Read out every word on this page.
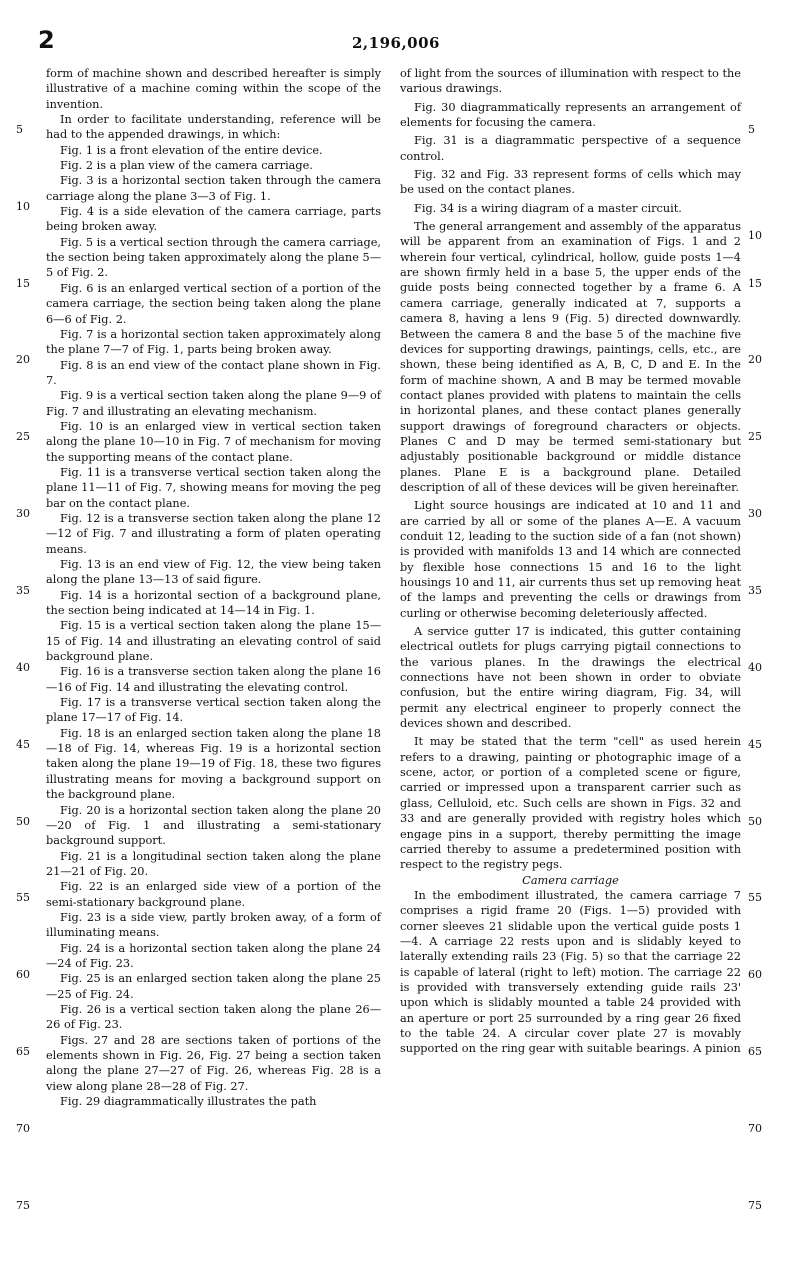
2	2,196,006

form of machine shown and described hereafter is simply illustrative of a machine coming within the scope of the invention.

In order to facilitate understanding, reference will be had to the appended drawings, in which:

Fig. 1 is a front elevation of the entire device.

Fig. 2 is a plan view of the camera carriage.

Fig. 3 is a horizontal section taken through the camera carriage along the plane 3—3 of Fig. 1.

Fig. 4 is a side elevation of the camera carriage, parts being broken away.

Fig. 5 is a vertical section through the camera carriage, the section being taken approximately along the plane 5—5 of Fig. 2.

Fig. 6 is an enlarged vertical section of a portion of the camera carriage, the section being taken along the plane 6—6 of Fig. 2.

Fig. 7 is a horizontal section taken approximately along the plane 7—7 of Fig. 1, parts being broken away.

Fig. 8 is an end view of the contact plane shown in Fig. 7.

Fig. 9 is a vertical section taken along the plane 9—9 of Fig. 7 and illustrating an elevating mechanism.

Fig. 10 is an enlarged view in vertical section taken along the plane 10—10 in Fig. 7 of mechanism for moving the supporting means of the contact plane.

Fig. 11 is a transverse vertical section taken along the plane 11—11 of Fig. 7, showing means for moving the peg bar on the contact plane.

Fig. 12 is a transverse section taken along the plane 12—12 of Fig. 7 and illustrating a form of platen operating means.

Fig. 13 is an end view of Fig. 12, the view being taken along the plane 13—13 of said figure.

Fig. 14 is a horizontal section of a background plane, the section being indicated at 14—14 in Fig. 1.

Fig. 15 is a vertical section taken along the plane 15—15 of Fig. 14 and illustrating an elevating control of said background plane.

Fig. 16 is a transverse section taken along the plane 16—16 of Fig. 14 and illustrating the elevating control.

Fig. 17 is a transverse vertical section taken along the plane 17—17 of Fig. 14.

Fig. 18 is an enlarged section taken along the plane 18—18 of Fig. 14, whereas Fig. 19 is a horizontal section taken along the plane 19—19 of Fig. 18, these two figures illustrating means for moving a background support on the background plane.

Fig. 20 is a horizontal section taken along the plane 20—20 of Fig. 1 and illustrating a semi-stationary background support.

Fig. 21 is a longitudinal section taken along the plane 21—21 of Fig. 20.

Fig. 22 is an enlarged side view of a portion of the semi-stationary background plane.

Fig. 23 is a side view, partly broken away, of a form of illuminating means.

Fig. 24 is a horizontal section taken along the plane 24—24 of Fig. 23.

Fig. 25 is an enlarged section taken along the plane 25—25 of Fig. 24.

Fig. 26 is a vertical section taken along the plane 26—26 of Fig. 23.

Figs. 27 and 28 are sections taken of portions of the elements shown in Fig. 26, Fig. 27 being a section taken along the plane 27—27 of Fig. 26, whereas Fig. 28 is a view along plane 28—28 of Fig. 27.

Fig. 29 diagrammatically illustrates the path

of light from the sources of illumination with respect to the various drawings.

Fig. 30 diagrammatically represents an arrangement of elements for focusing the camera.

Fig. 31 is a diagrammatic perspective of a sequence control.

Fig. 32 and Fig. 33 represent forms of cells which may be used on the contact planes.

Fig. 34 is a wiring diagram of a master circuit.

The general arrangement and assembly of the apparatus will be apparent from an examination of Figs. 1 and 2 wherein four vertical, cylindrical, hollow, guide posts 1—4 are shown firmly held in a base 5, the upper ends of the guide posts being connected together by a frame 6. A camera carriage, generally indicated at 7, supports a camera 8, having a lens 9 (Fig. 5) directed downwardly. Between the camera 8 and the base 5 of the machine five devices for supporting drawings, paintings, cells, etc., are shown, these being identified as A, B, C, D and E. In the form of machine shown, A and B may be termed movable contact planes provided with platens to maintain the cells in horizontal planes, and these contact planes generally support drawings of foreground characters or objects. Planes C and D may be termed semi-stationary but adjustably positionable background or middle distance planes. Plane E is a background plane. Detailed description of all of these devices will be given hereinafter.

Light source housings are indicated at 10 and 11 and are carried by all or some of the planes A—E. A vacuum conduit 12, leading to the suction side of a fan (not shown) is provided with manifolds 13 and 14 which are connected by flexible hose connections 15 and 16 to the light housings 10 and 11, air currents thus set up removing heat of the lamps and preventing the cells or drawings from curling or otherwise becoming deleteriously affected.

A service gutter 17 is indicated, this gutter containing electrical outlets for plugs carrying pigtail connections to the various planes. In the drawings the electrical connections have not been shown in order to obviate confusion, but the entire wiring diagram, Fig. 34, will permit any electrical engineer to properly connect the devices shown and described.

It may be stated that the term "cell" as used herein refers to a drawing, painting or photographic image of a scene, actor, or portion of a completed scene or figure, carried or impressed upon a transparent carrier such as glass, Celluloid, etc. Such cells are shown in Figs. 32 and 33 and are generally provided with registry holes which engage pins in a support, thereby permitting the image carried thereby to assume a predetermined position with respect to the registry pegs.

Camera carriage

In the embodiment illustrated, the camera carriage 7 comprises a rigid frame 20 (Figs. 1—5) provided with corner sleeves 21 slidable upon the vertical guide posts 1—4. A carriage 22 rests upon and is slidably keyed to laterally extending rails 23 (Fig. 5) so that the carriage 22 is capable of lateral (right to left) motion. The carriage 22 is provided with transversely extending guide rails 23' upon which is slidably mounted a table 24 provided with an aperture or port 25 surrounded by a ring gear 26 fixed to the table 24. A circular cover plate 27 is movably supported on the ring gear with suitable bearings. A pinion

5
10
15
20
25
30
35
40
45
50
55
60
65
70
75
5
10
15
20
25
30
35
40
45
50
55
60
65
70
75
